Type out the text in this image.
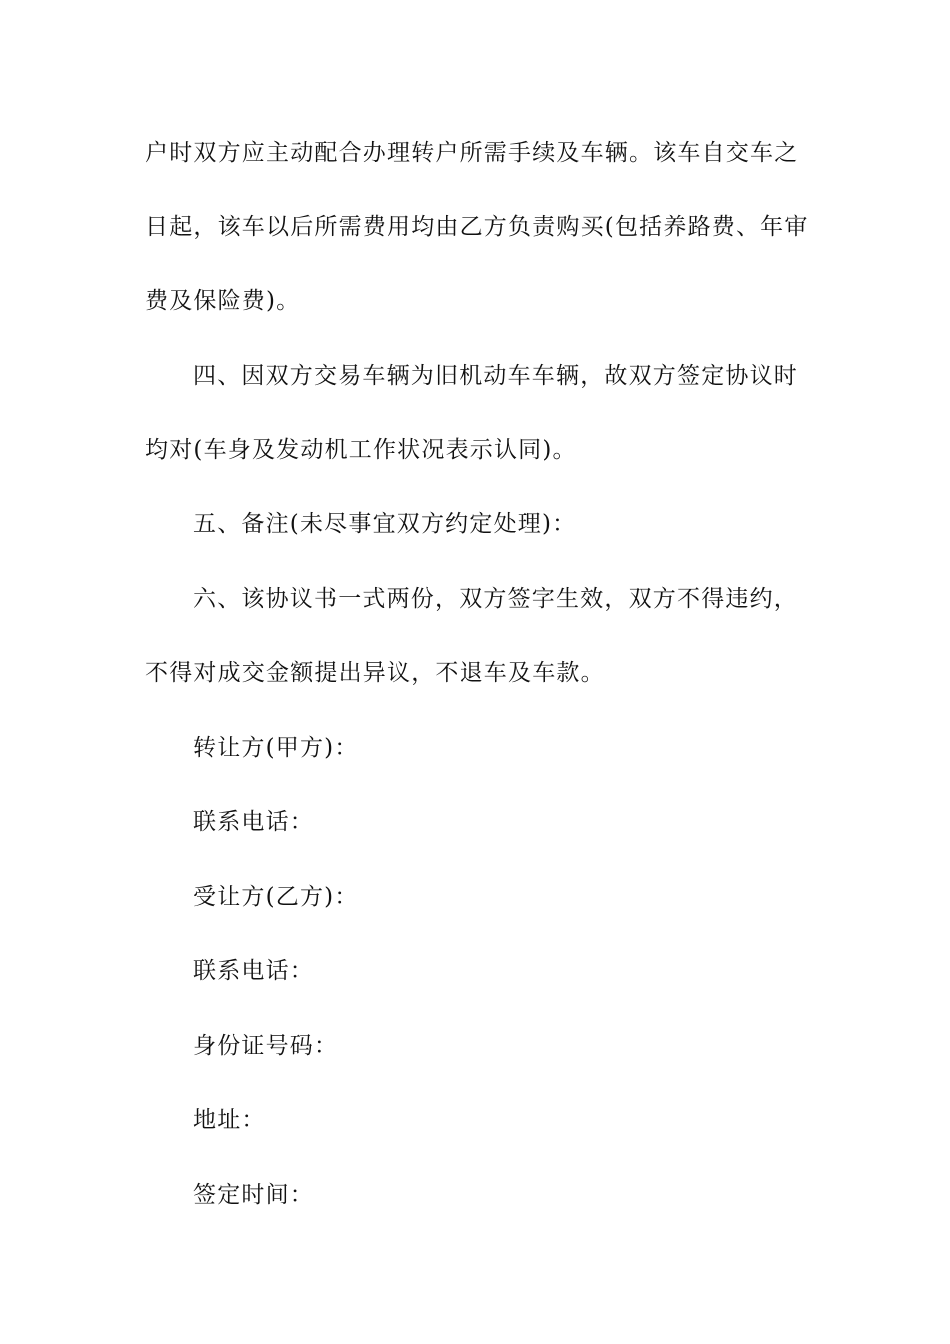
户时双方应主动配合办理转户所需手续及车辆。该车自交车之
日起，该车以后所需费用均由乙方负责购买(包括养路费、年审
费及保险费)。
四、因双方交易车辆为旧机动车车辆，故双方签定协议时
均对(车身及发动机工作状况表示认同)。
五、备注(未尽事宜双方约定处理)：
六、该协议书一式两份，双方签字生效，双方不得违约，
不得对成交金额提出异议，不退车及车款。
转让方(甲方)：
联系电话：
受让方(乙方)：
联系电话：
身份证号码：
地址：
签定时间：
